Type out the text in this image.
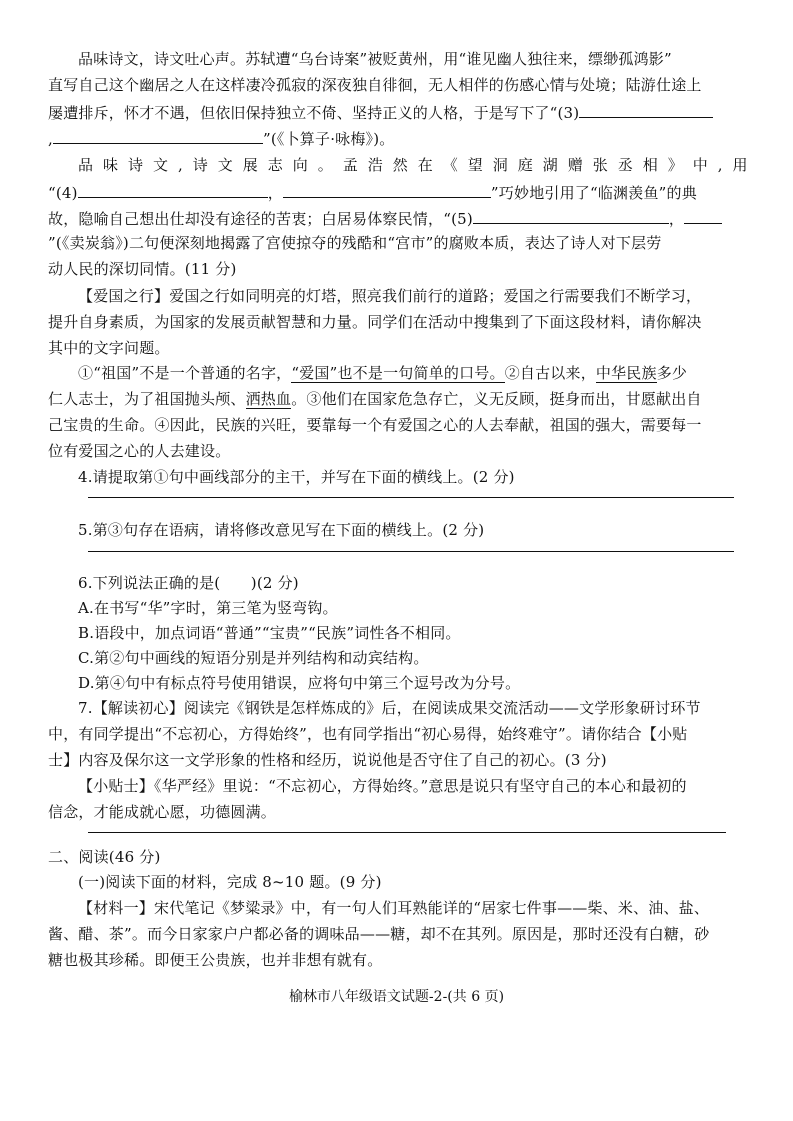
品味诗文，诗文吐心声。苏轼遭“乌台诗案”被贬黄州，用“谁见幽人独往来，缥缈孤鸿影”
直写自己这个幽居之人在这样凄冷孤寂的深夜独自徘徊，无人相伴的伤感心情与处境；陆游仕途上
屡遭排斥，怀才不遇，但依旧保持独立不倚、坚持正义的人格，于是写下了“(3)
,	”(《卜算子·咏梅》)。
品 味 诗 文 , 诗 文 展 志 向 。 孟 浩 然 在 《 望 洞 庭 湖 赠 张 丞 相 》 中 , 用
“(4)	，	”巧妙地引用了“临渊羡鱼”的典
故，隐喻自己想出仕却没有途径的苦衷；白居易体察民情，“(5)	，
”(《卖炭翁》)二句便深刻地揭露了宫使掠夺的残酷和“宫市”的腐败本质，表达了诗人对下层劳
动人民的深切同情。(11 分)
【爱国之行】爱国之行如同明亮的灯塔，照亮我们前行的道路；爱国之行需要我们不断学习，
提升自身素质，为国家的发展贡献智慧和力量。同学们在活动中搜集到了下面这段材料，请你解决
其中的文字问题。
①“祖国”不是一个普通的名字，“爱国”也不是一句简单的口号。②自古以来，中华民族多少
仁人志士，为了祖国抛头颅、洒热血。③他们在国家危急存亡，义无反顾，挺身而出，甘愿献出自
己宝贵的生命。④因此，民族的兴旺，要靠每一个有爱国之心的人去奉献，祖国的强大，需要每一
位有爱国之心的人去建设。
4.请提取第①句中画线部分的主干，并写在下面的横线上。(2 分)
5.第③句存在语病，请将修改意见写在下面的横线上。(2 分)
6.下列说法正确的是(　　)(2 分)
A.在书写“华”字时，第三笔为竖弯钩。
B.语段中，加点词语“普通”“宝贵”“民族”词性各不相同。
C.第②句中画线的短语分别是并列结构和动宾结构。
D.第④句中有标点符号使用错误，应将句中第三个逗号改为分号。
7.【解读初心】阅读完《钢铁是怎样炼成的》后，在阅读成果交流活动——文学形象研讨环节
中，有同学提出“不忘初心，方得始终”，也有同学指出“初心易得，始终难守”。请你结合【小贴
士】内容及保尔这一文学形象的性格和经历，说说他是否守住了自己的初心。(3 分)
【小贴士】《华严经》里说：“不忘初心，方得始终。”意思是说只有坚守自己的本心和最初的
信念，才能成就心愿，功德圆满。
二、阅读(46 分)
(一)阅读下面的材料，完成 8~10 题。(9 分)
【材料一】宋代笔记《梦粱录》中，有一句人们耳熟能详的“居家七件事——柴、米、油、盐、
酱、醋、茶”。而今日家家户户都必备的调味品——糖，却不在其列。原因是，那时还没有白糖，砂
糖也极其珍稀。即便王公贵族，也并非想有就有。
榆林市八年级语文试题-2-(共 6 页)
